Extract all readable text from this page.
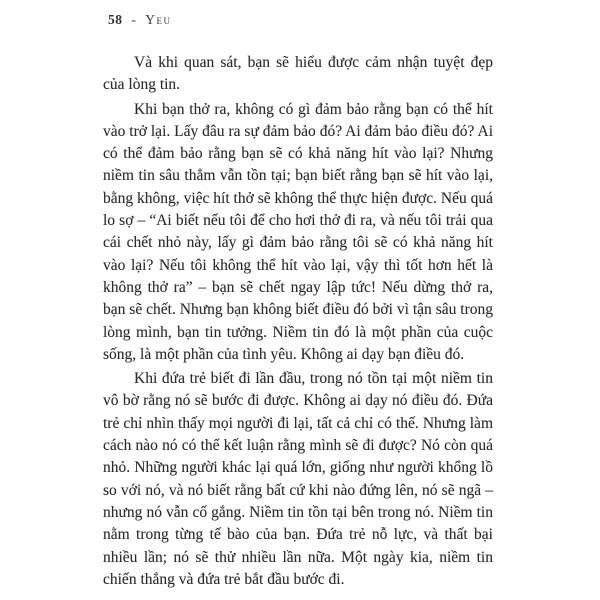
58 - Yeu

Và khi quan sát, bạn sẽ hiểu được cảm nhận tuyệt đẹp của lòng tin.

Khi bạn thở ra, không có gì đảm bảo rằng bạn có thể hít vào trở lại. Lấy đâu ra sự đảm bảo đó? Ai đảm bảo điều đó? Ai có thể đảm bảo rằng bạn sẽ có khả năng hít vào lại? Nhưng niềm tin sâu thẳm vẫn tồn tại; bạn biết rằng bạn sẽ hít vào lại, bằng không, việc hít thở sẽ không thể thực hiện được. Nếu quá lo sợ – “Ai biết nếu tôi để cho hơi thở đi ra, và nếu tôi trải qua cái chết nhỏ này, lấy gì đảm bảo rằng tôi sẽ có khả năng hít vào lại? Nếu tôi không thể hít vào lại, vậy thì tốt hơn hết là không thở ra” – bạn sẽ chết ngay lập tức! Nếu dừng thở ra, bạn sẽ chết. Nhưng bạn không biết điều đó bởi vì tận sâu trong lòng mình, bạn tin tưởng. Niềm tin đó là một phần của cuộc sống, là một phần của tình yêu. Không ai dạy bạn điều đó.

Khi đứa trẻ biết đi lần đầu, trong nó tồn tại một niềm tin vô bờ rằng nó sẽ bước đi được. Không ai dạy nó điều đó. Đứa trẻ chỉ nhìn thấy mọi người đi lại, tất cả chỉ có thế. Nhưng làm cách nào nó có thể kết luận rằng mình sẽ đi được? Nó còn quá nhỏ. Những người khác lại quá lớn, giống như người khổng lồ so với nó, và nó biết rằng bất cứ khi nào đứng lên, nó sẽ ngã – nhưng nó vẫn cố gắng. Niềm tin tồn tại bên trong nó. Niềm tin nằm trong từng tế bào của bạn. Đứa trẻ nỗ lực, và thất bại nhiều lần; nó sẽ thử nhiều lần nữa. Một ngày kia, niềm tin chiến thắng và đứa trẻ bắt đầu bước đi.
